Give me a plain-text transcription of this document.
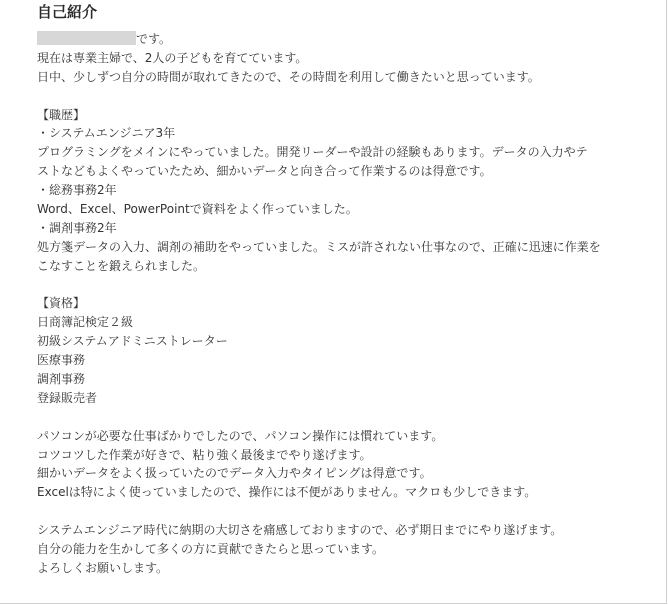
自己紹介
です。
現在は専業主婦で、2人の子どもを育てています。
日中、少しずつ自分の時間が取れてきたので、その時間を利用して働きたいと思っています。
【職歴】
・システムエンジニア3年
プログラミングをメインにやっていました。開発リーダーや設計の経験もあります。データの入力やテ
ストなどもよくやっていたため、細かいデータと向き合って作業するのは得意です。
・総務事務2年
Word、Excel、PowerPointで資料をよく作っていました。
・調剤事務2年
処方箋データの入力、調剤の補助をやっていました。ミスが許されない仕事なので、正確に迅速に作業を
こなすことを鍛えられました。
【資格】
日商簿記検定２級
初級システムアドミニストレーター
医療事務
調剤事務
登録販売者
パソコンが必要な仕事ばかりでしたので、パソコン操作には慣れています。
コツコツした作業が好きで、粘り強く最後までやり遂げます。
細かいデータをよく扱っていたのでデータ入力やタイピングは得意です。
Excelは特によく使っていましたので、操作には不便がありません。マクロも少しできます。
システムエンジニア時代に納期の大切さを痛感しておりますので、必ず期日までにやり遂げます。
自分の能力を生かして多くの方に貢献できたらと思っています。
よろしくお願いします。
